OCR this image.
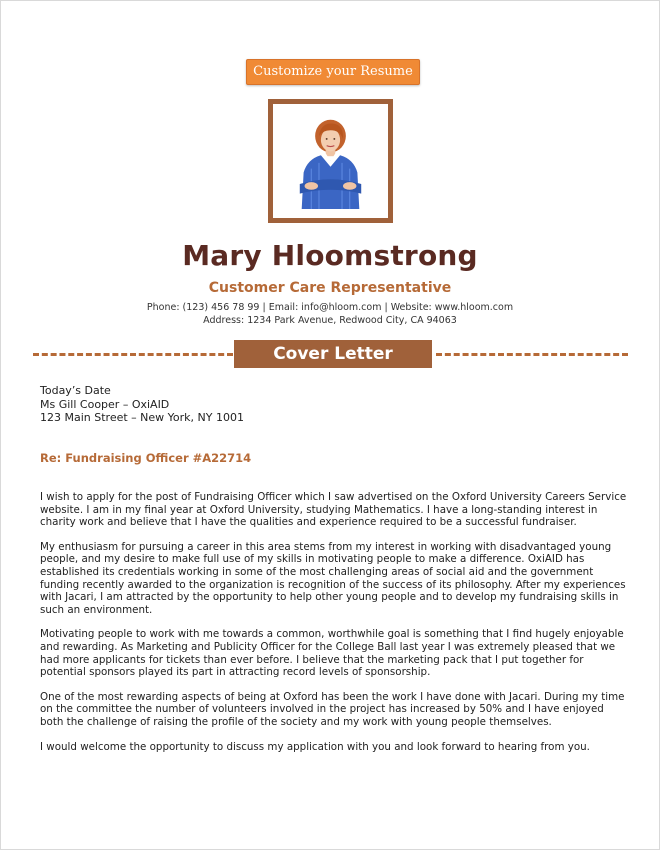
Customize your Resume
Mary Hloomstrong
Customer Care Representative
Phone: (123) 456 78 99 | Email: info@hloom.com | Website: www.hloom.com
Address: 1234 Park Avenue, Redwood City, CA 94063
Cover Letter
Today’s Date
Ms Gill Cooper – OxiAID
123 Main Street – New York, NY 1001
Re: Fundraising Officer #A22714

I wish to apply for the post of Fundraising Officer which I saw advertised on the Oxford University Careers Service website. I am in my final year at Oxford University, studying Mathematics. I have a long-standing interest in charity work and believe that I have the qualities and experience required to be a successful fundraiser.

My enthusiasm for pursuing a career in this area stems from my interest in working with disadvantaged young people, and my desire to make full use of my skills in motivating people to make a difference. OxiAID has established its credentials working in some of the most challenging areas of social aid and the government funding recently awarded to the organization is recognition of the success of its philosophy. After my experiences with Jacari, I am attracted by the opportunity to help other young people and to develop my fundraising skills in such an environment.

Motivating people to work with me towards a common, worthwhile goal is something that I find hugely enjoyable and rewarding. As Marketing and Publicity Officer for the College Ball last year I was extremely pleased that we had more applicants for tickets than ever before. I believe that the marketing pack that I put together for potential sponsors played its part in attracting record levels of sponsorship.

One of the most rewarding aspects of being at Oxford has been the work I have done with Jacari. During my time on the committee the number of volunteers involved in the project has increased by 50% and I have enjoyed both the challenge of raising the profile of the society and my work with young people themselves.

I would welcome the opportunity to discuss my application with you and look forward to hearing from you.
